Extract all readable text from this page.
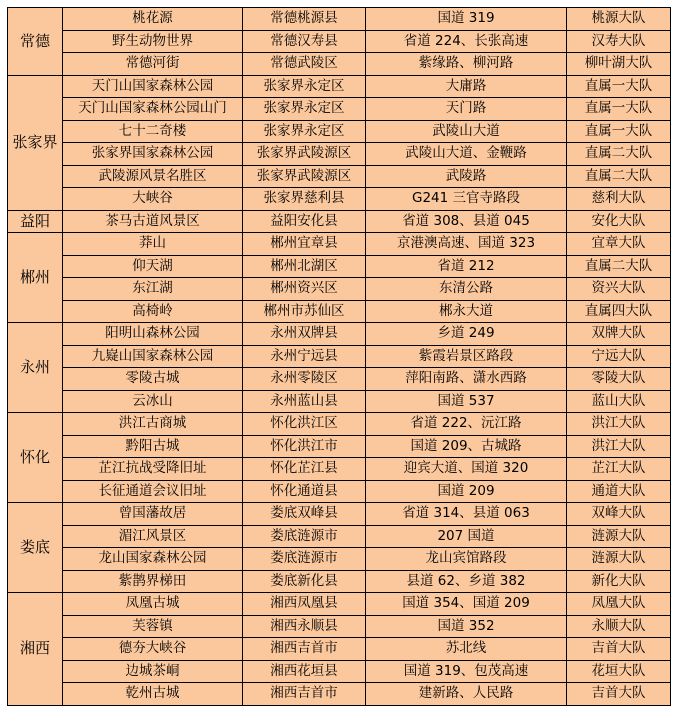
常德	桃花源	常德桃源县	国道 319	桃源大队
	野生动物世界	常德汉寿县	省道 224、长张高速	汉寿大队
	常德河街	常德武陵区	紫缘路、柳河路	柳叶湖大队
张家界	天门山国家森林公园	张家界永定区	大庸路	直属一大队
	天门山国家森林公园山门	张家界永定区	天门路	直属一大队
	七十二奇楼	张家界永定区	武陵山大道	直属一大队
	张家界国家森林公园	张家界武陵源区	武陵山大道、金鞭路	直属二大队
	武陵源风景名胜区	张家界武陵源区	武陵路	直属二大队
	大峡谷	张家界慈利县	G241 三官寺路段	慈利大队
益阳	茶马古道风景区	益阳安化县	省道 308、县道 045	安化大队
郴州	莽山	郴州宜章县	京港澳高速、国道 323	宜章大队
	仰天湖	郴州北湖区	省道 212	直属二大队
	东江湖	郴州资兴区	东清公路	资兴大队
	高椅岭	郴州市苏仙区	郴永大道	直属四大队
永州	阳明山森林公园	永州双牌县	乡道 249	双牌大队
	九嶷山国家森林公园	永州宁远县	紫霞岩景区路段	宁远大队
	零陵古城	永州零陵区	萍阳南路、潇水西路	零陵大队
	云冰山	永州蓝山县	国道 537	蓝山大队
怀化	洪江古商城	怀化洪江区	省道 222、沅江路	洪江大队
	黔阳古城	怀化洪江市	国道 209、古城路	洪江大队
	芷江抗战受降旧址	怀化芷江县	迎宾大道、国道 320	芷江大队
	长征通道会议旧址	怀化通道县	国道 209	通道大队
娄底	曾国藩故居	娄底双峰县	省道 314、县道 063	双峰大队
	湄江风景区	娄底涟源市	207 国道	涟源大队
	龙山国家森林公园	娄底涟源市	龙山宾馆路段	涟源大队
	紫鹊界梯田	娄底新化县	县道 62、乡道 382	新化大队
湘西	凤凰古城	湘西凤凰县	国道 354、国道 209	凤凰大队
	芙蓉镇	湘西永顺县	国道 352	永顺大队
	德夯大峡谷	湘西吉首市	苏北线	吉首大队
	边城茶峒	湘西花垣县	国道 319、包茂高速	花垣大队
	乾州古城	湘西吉首市	建新路、人民路	吉首大队
